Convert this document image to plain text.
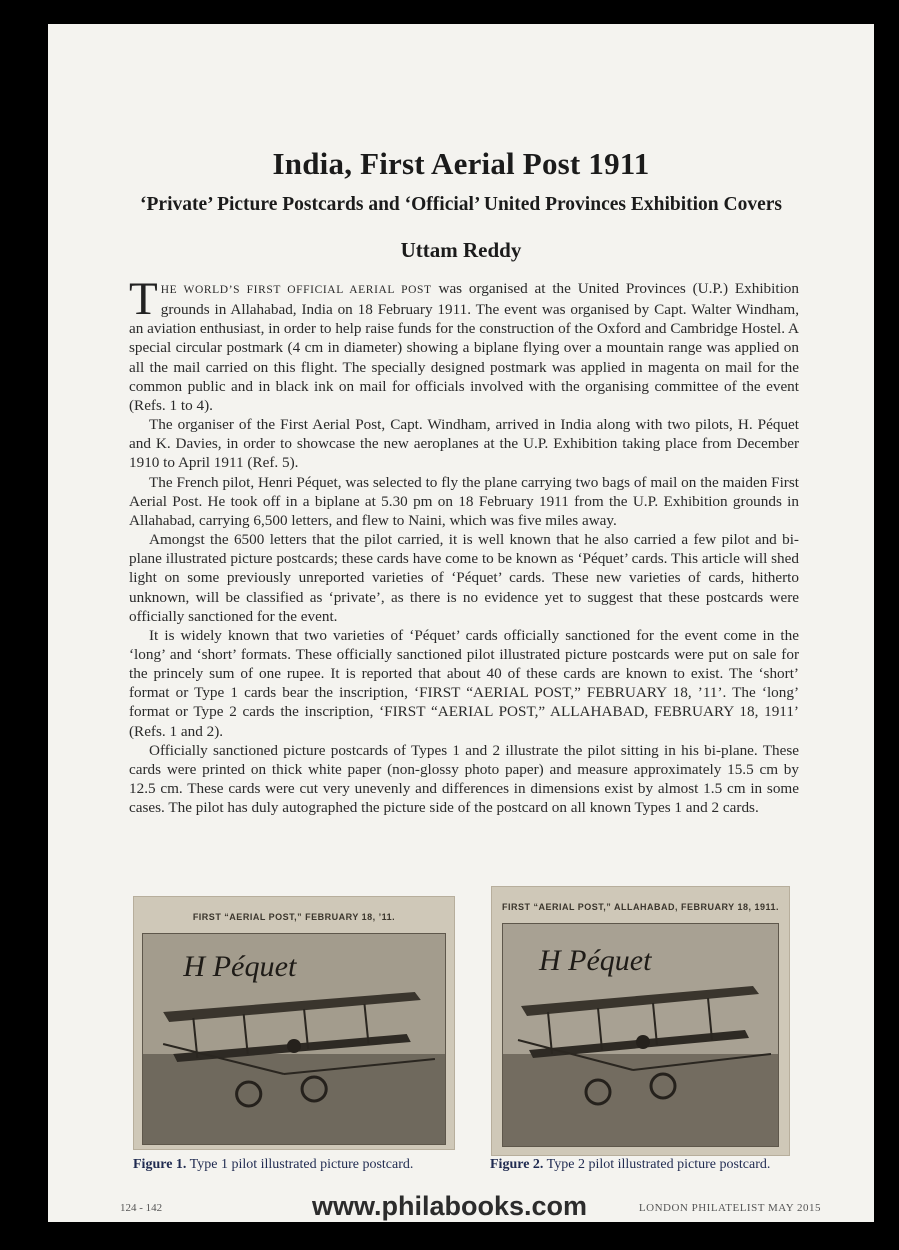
India, First Aerial Post 1911
‘Private’ Picture Postcards and ‘Official’ United Provinces Exhibition Covers
Uttam Reddy

THE WORLD’S FIRST OFFICIAL AERIAL POST was organised at the United Provinces (U.P.) Exhibition grounds in Allahabad, India on 18 February 1911. The event was organised by Capt. Walter Windham, an aviation enthusiast, in order to help raise funds for the construction of the Oxford and Cambridge Hostel. A special circular postmark (4 cm in diameter) showing a biplane flying over a mountain range was applied on all the mail carried on this flight. The specially designed postmark was applied in magenta on mail for the common public and in black ink on mail for officials involved with the organising committee of the event (Refs. 1 to 4).

The organiser of the First Aerial Post, Capt. Windham, arrived in India along with two pilots, H. Péquet and K. Davies, in order to showcase the new aeroplanes at the U.P. Exhibition taking place from December 1910 to April 1911 (Ref. 5).

The French pilot, Henri Péquet, was selected to fly the plane carrying two bags of mail on the maiden First Aerial Post. He took off in a biplane at 5.30 pm on 18 February 1911 from the U.P. Exhibition grounds in Allahabad, carrying 6,500 letters, and flew to Naini, which was five miles away.

Amongst the 6500 letters that the pilot carried, it is well known that he also carried a few pilot and bi-plane illustrated picture postcards; these cards have come to be known as ‘Péquet’ cards. This article will shed light on some previously unreported varieties of ‘Péquet’ cards. These new varieties of cards, hitherto unknown, will be classified as ‘private’, as there is no evidence yet to suggest that these postcards were officially sanctioned for the event.

It is widely known that two varieties of ‘Péquet’ cards officially sanctioned for the event come in the ‘long’ and ‘short’ formats. These officially sanctioned pilot illustrated picture postcards were put on sale for the princely sum of one rupee. It is reported that about 40 of these cards are known to exist. The ‘short’ format or Type 1 cards bear the inscription, ‘FIRST “AERIAL POST,” FEBRUARY 18, ’11’. The ‘long’ format or Type 2 cards the inscription, ‘FIRST “AERIAL POST,” ALLAHABAD, FEBRUARY 18, 1911’ (Refs. 1 and 2).

Officially sanctioned picture postcards of Types 1 and 2 illustrate the pilot sitting in his bi-plane. These cards were printed on thick white paper (non-glossy photo paper) and measure approximately 15.5 cm by 12.5 cm. These cards were cut very unevenly and differences in dimensions exist by almost 1.5 cm in some cases. The pilot has duly autographed the picture side of the postcard on all known Types 1 and 2 cards.

FIRST “AERIAL POST,” FEBRUARY 18, ’11.
H Péquet
FIRST “AERIAL POST,” ALLAHABAD, FEBRUARY 18, 1911.
H Péquet
Figure 1. Type 1 pilot illustrated picture postcard.	Figure 2. Type 2 pilot illustrated picture postcard.
124 - 142	LONDON PHILATELIST MAY 2015
www.philabooks.com
